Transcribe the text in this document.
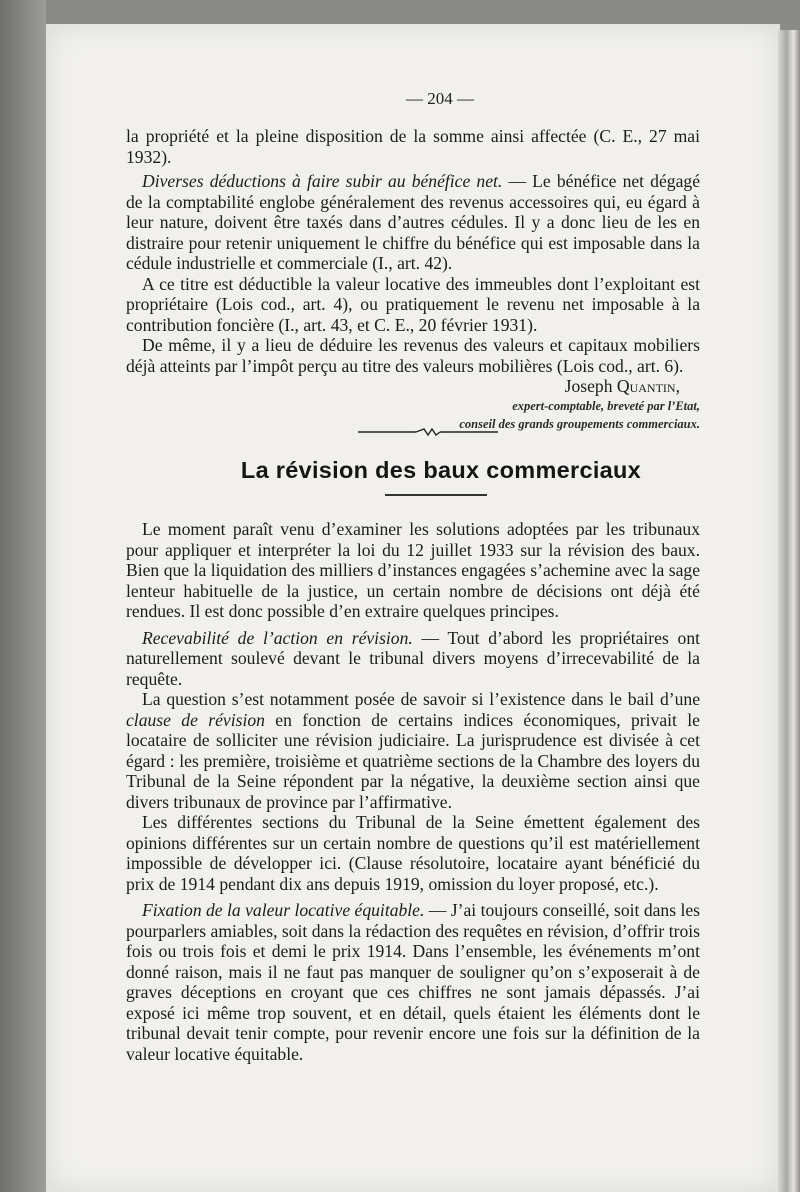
— 204 —

la propriété et la pleine disposition de la somme ainsi affectée (C. E., 27 mai 1932).

Diverses déductions à faire subir au bénéfice net. — Le bénéfice net dégagé de la comptabilité englobe généralement des revenus accessoires qui, eu égard à leur nature, doivent être taxés dans d’autres cédules. Il y a donc lieu de les en distraire pour retenir uniquement le chiffre du bénéfice qui est imposable dans la cédule industrielle et commerciale (I., art. 42).

A ce titre est déductible la valeur locative des immeubles dont l’exploitant est propriétaire (Lois cod., art. 4), ou pratiquement le revenu net imposable à la contribution foncière (I., art. 43, et C. E., 20 février 1931).

De même, il y a lieu de déduire les revenus des valeurs et capitaux mobiliers déjà atteints par l’impôt perçu au titre des valeurs mobilières (Lois cod., art. 6).

Joseph Quantin,

expert-comptable, breveté par l’Etat,

conseil des grands groupements commerciaux.

La révision des baux commerciaux

Le moment paraît venu d’examiner les solutions adoptées par les tribunaux pour appliquer et interpréter la loi du 12 juillet 1933 sur la révision des baux. Bien que la liquidation des milliers d’instances engagées s’achemine avec la sage lenteur habituelle de la justice, un certain nombre de décisions ont déjà été rendues. Il est donc possible d’en extraire quelques principes.

Recevabilité de l’action en révision. — Tout d’abord les propriétaires ont naturellement soulevé devant le tribunal divers moyens d’irrecevabilité de la requête.

La question s’est notamment posée de savoir si l’existence dans le bail d’une clause de révision en fonction de certains indices économiques, privait le locataire de solliciter une révision judiciaire. La jurisprudence est divisée à cet égard : les première, troisième et quatrième sections de la Chambre des loyers du Tribunal de la Seine répondent par la négative, la deuxième section ainsi que divers tribunaux de province par l’affirmative.

Les différentes sections du Tribunal de la Seine émettent également des opinions différentes sur un certain nombre de questions qu’il est matériellement impossible de développer ici. (Clause résolutoire, locataire ayant bénéficié du prix de 1914 pendant dix ans depuis 1919, omission du loyer proposé, etc.).

Fixation de la valeur locative équitable. — J’ai toujours conseillé, soit dans les pourparlers amiables, soit dans la rédaction des requêtes en révision, d’offrir trois fois ou trois fois et demi le prix 1914. Dans l’ensemble, les événements m’ont donné raison, mais il ne faut pas manquer de souligner qu’on s’exposerait à de graves déceptions en croyant que ces chiffres ne sont jamais dépassés. J’ai exposé ici même trop souvent, et en détail, quels étaient les éléments dont le tribunal devait tenir compte, pour revenir encore une fois sur la définition de la valeur locative équitable.
